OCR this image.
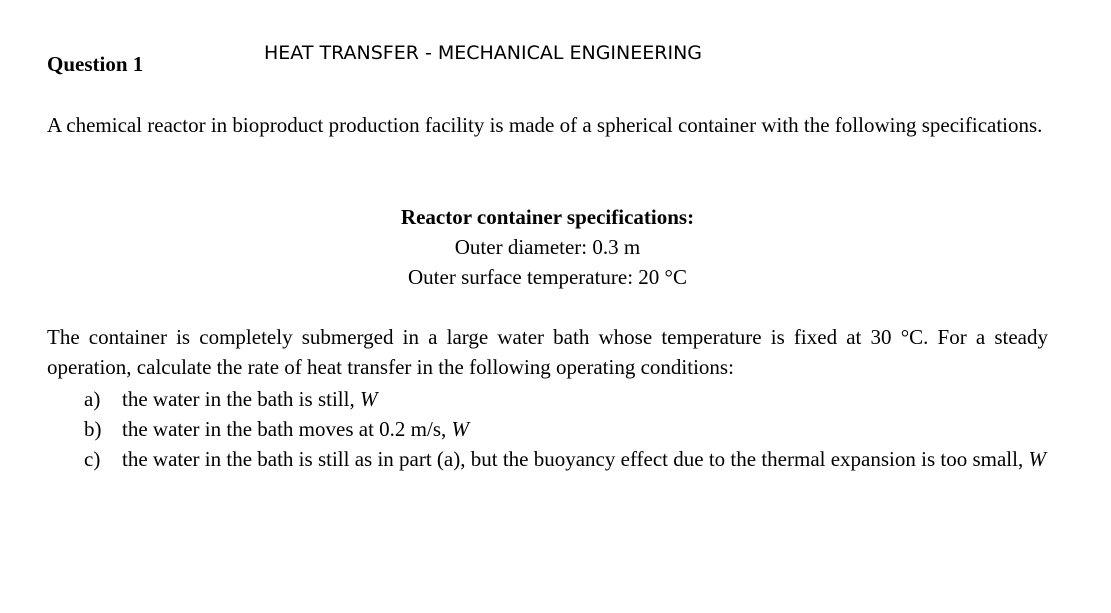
HEAT TRANSFER - MECHANICAL ENGINEERING
Question 1
A chemical reactor in bioproduct production facility is made of a spherical container with the following specifications.
Reactor container specifications:
Outer diameter: 0.3 m
Outer surface temperature: 20 °C
The container is completely submerged in a large water bath whose temperature is fixed at 30 °C. For a steady operation, calculate the rate of heat transfer in the following operating conditions:
a) the water in the bath is still, W
b) the water in the bath moves at 0.2 m/s, W
c) the water in the bath is still as in part (a), but the buoyancy effect due to the thermal expansion is too small, W
